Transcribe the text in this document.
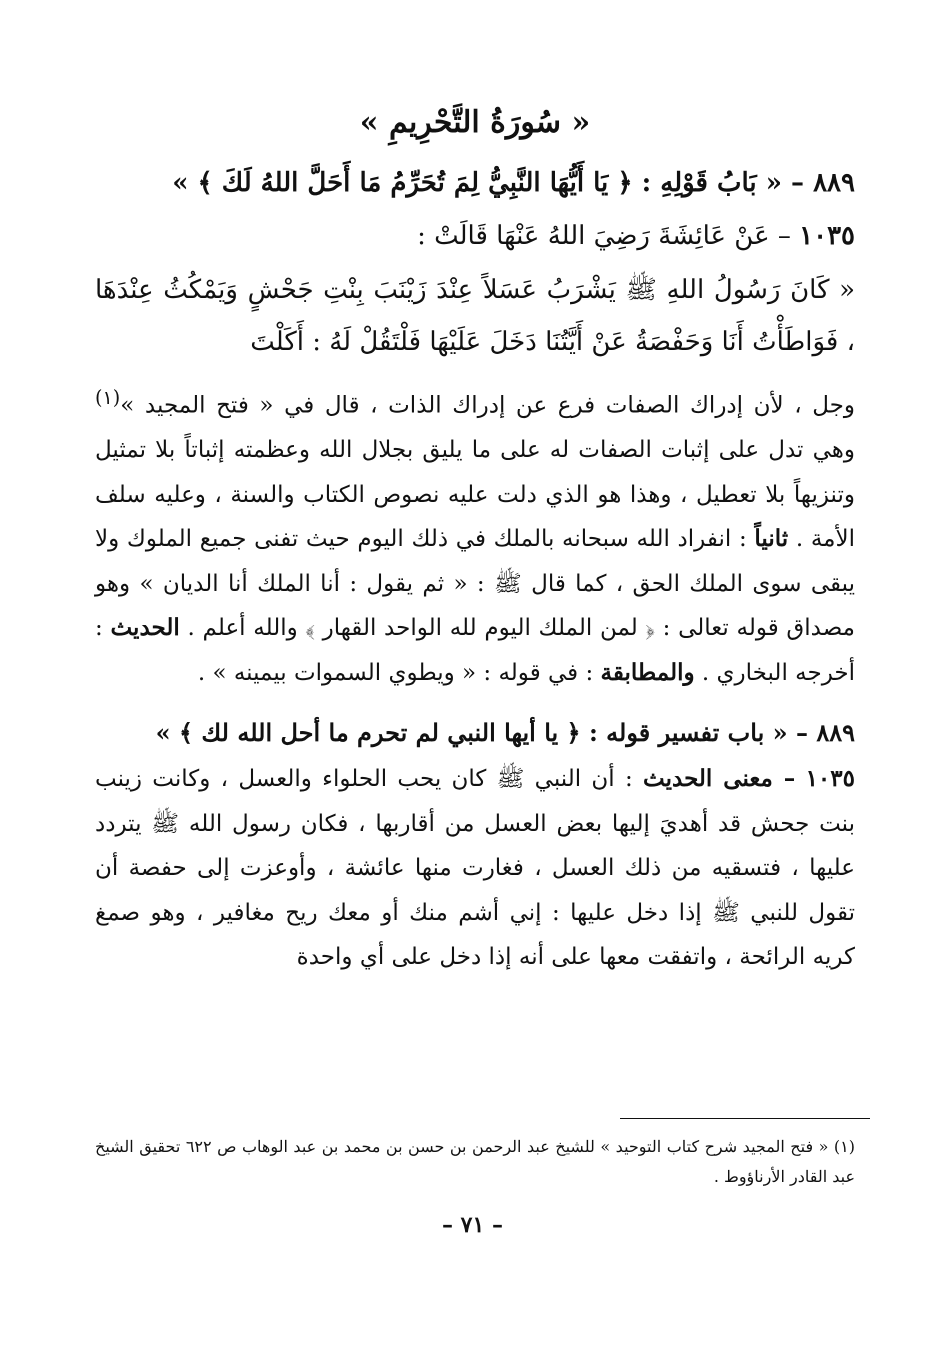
« سُورَةُ التَّحْرِيمِ »

٨٨٩ – « بَابُ قَوْلِهِ : ﴿ يَا أَيُّهَا النَّبِيُّ لِمَ تُحَرِّمُ مَا أَحَلَّ اللهُ لَكَ ﴾ »

١٠٣٥ – عَنْ عَائِشَةَ رَضِيَ اللهُ عَنْهَا قَالَتْ :

« كَانَ رَسُولُ اللهِ ﷺ يَشْرَبُ عَسَلاً عِنْدَ زَيْنَبَ بِنْتِ جَحْشٍ وَيَمْكُثُ عِنْدَهَا ، فَوَاطَأْتُ أَنَا وَحَفْصَةُ عَنْ أَيَّتُنَا دَخَلَ عَلَيْهَا فَلْتَقُلْ لَهُ : أَكَلْتَ

وجل ، لأن إدراك الصفات فرع عن إدراك الذات ، قال في « فتح المجيد »$^{(١)}$ وهي تدل على إثبات الصفات له على ما يليق بجلال الله وعظمته إثباتاً بلا تمثيل وتنزيهاً بلا تعطيل ، وهذا هو الذي دلت عليه نصوص الكتاب والسنة ، وعليه سلف الأمة . ثانياً : انفراد الله سبحانه بالملك في ذلك اليوم حيث تفنى جميع الملوك ولا يبقى سوى الملك الحق ، كما قال ﷺ : « ثم يقول : أنا الملك أنا الديان » وهو مصداق قوله تعالى : ﴿ لمن الملك اليوم لله الواحد القهار ﴾ والله أعلم . الحديث : أخرجه البخاري . والمطابقة : في قوله : « ويطوي السموات بيمينه » .

٨٨٩ – « باب تفسير قوله : ﴿ يا أيها النبي لم تحرم ما أحل الله لك ﴾ »

١٠٣٥ – معنى الحديث : أن النبي ﷺ كان يحب الحلواء والعسل ، وكانت زينب بنت جحش قد أهديَ إليها بعض العسل من أقاربها ، فكان رسول الله ﷺ يتردد عليها ، فتسقيه من ذلك العسل ، فغارت منها عائشة ، وأوعزت إلى حفصة أن تقول للنبي ﷺ إذا دخل عليها : إني أشم منك أو معك ريح مغافير ، وهو صمغ كريه الرائحة ، واتفقت معها على أنه إذا دخل على أي واحدة

(١) « فتح المجيد شرح كتاب التوحيد » للشيخ عبد الرحمن بن حسن بن محمد بن عبد الوهاب ص ٦٢٢ تحقيق الشيخ عبد القادر الأرناؤوط .
– ٧١ –
